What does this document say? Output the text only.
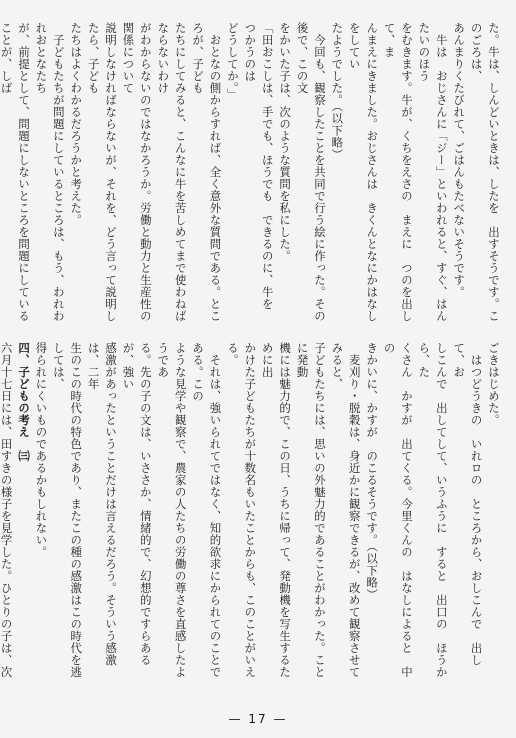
た。牛は、しんどいときは、したを　出すそうです。このごろは、

あんまりくたびれて、ごはんもたべないそうです。

　牛は　おじさんに「ジー」といわれると、すぐ、はんたいのほう

をむきます。牛が、くちをえさの　まえに　つのを出して、ま

んまえにきました。おじさんは　きくんとなにかはなしをしてい

たようでした。（以下略）

　今回も、観察したことを共同で行う絵に作った。その後で、この文

をかいた子は、次のような質問を私にした。

「田おこしは、手でも、ほうでも　できるのに、牛を　つかうのは

どうしてか。」

　おとなの側からすれば、全く意外な質問である。ところが、子ども

たちにしてみると、こんなに牛を苦しめてまで使わねばならないわけ

がわからないのではなかろうか。労働と動力と生産性の関係について

説明しなければならないが、それを、どう言って説明したら、子ども

たちはよくわかるだろうかと考えた。

　子どもたちが問題にしているところは、もう、われわれおとなたち

が、前提として、問題にしないところを問題にしていることが、しば

ごきはじめた。

　はつどうきの　いれロの　ところから、おしこんで　出して、お

しこんで　出してして、いうふうに　すると　出口の　ほうから、た

くさん　かすが　出てくる。今里くんの　はなしによると　中の

きかいに、かすが　のこるそうです。（以下略）

　麦刈り・脱穀は、身近かに観察できるが、改めて観察させてみると、

子どもたちには、思いの外魅力的であることがわかった。ことに発動

機には魅力的で、この日、うちに帰って、発動機を写生するために出

かけた子どもたちが十数名もいたことからも、このことがいえる。

　それは、強いられてではなく、知的欲求にかられてのことである。この

ような見学や観察で、農家の人たちの労働の尊さを直感したようであ

る。先の子の文は、いささか、情緒的で、幻想的ですらあるが、強い

感激があったということだけは言えるだろう。そういう感激は、二年

生のこの時代の特色であり、またこの種の感激はこの時代を逃しては、

得られにくいものであるかもしれない。

四、子どもの考え　㈢

六月十七日には、田すきの様子を見学した。ひとりの子は、次

— 17 —
